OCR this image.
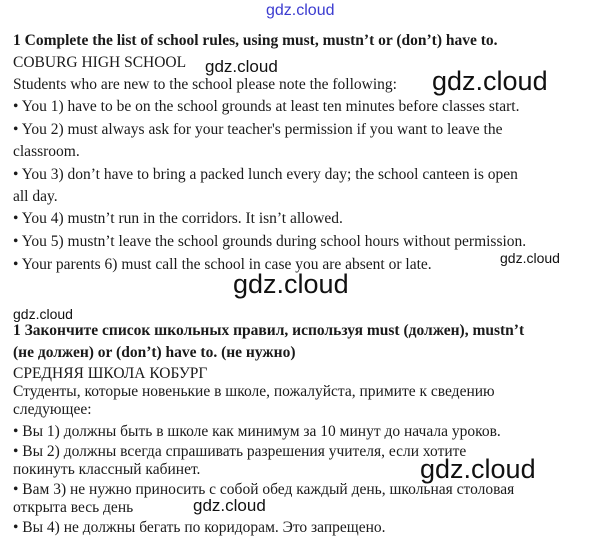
1 Complete the list of school rules, using must, mustn’t or (don’t) have to.
COBURG HIGH SCHOOL
Students who are new to the school please note the following:
• You 1) have to be on the school grounds at least ten minutes before classes start.
• You 2) must always ask for your teacher's permission if you want to leave the
classroom.
• You 3) don’t have to bring a packed lunch every day; the school canteen is open
all day.
• You 4) mustn’t run in the corridors. It isn’t allowed.
• You 5) mustn’t leave the school grounds during school hours without permission.
• Your parents 6) must call the school in case you are absent or late.
1 Закончите список школьных правил, используя must (должен), mustn’t
(не должен) or (don’t) have to. (не нужно)
СРЕДНЯЯ ШКОЛА КОБУРГ
Студенты, которые новенькие в школе, пожалуйста, примите к сведению
следующее:
• Вы 1) должны быть в школе как минимум за 10 минут до начала уроков.
• Вы 2) должны всегда спрашивать разрешения учителя, если хотите
покинуть классный кабинет.
• Вам 3) не нужно приносить с собой обед каждый день, школьная столовая
открыта весь день
• Вы 4) не должны бегать по коридорам. Это запрещено.
gdz.cloud
gdz.cloud	gdz.cloud
gdz.cloud
gdz.cloud
gdz.cloud
gdz.cloud
gdz.cloud
